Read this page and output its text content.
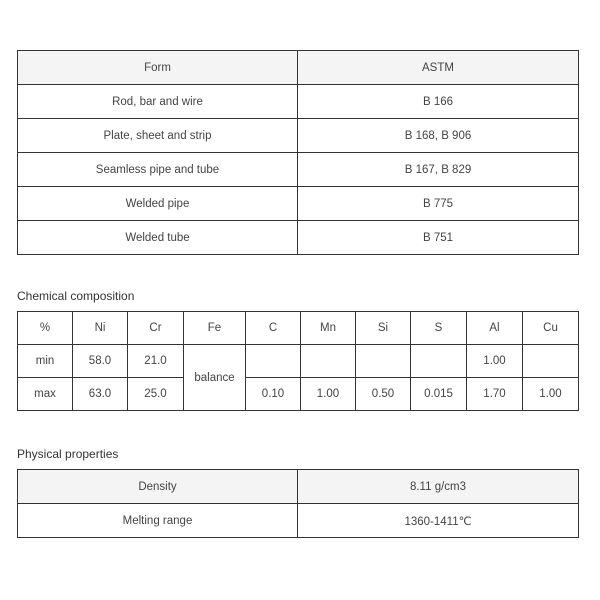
Form	ASTM
Rod, bar and wire	B 166
Plate, sheet and strip	B 168, B 906
Seamless pipe and tube	B 167, B 829
Welded pipe	B 775
Welded tube	B 751

Chemical composition

%	Ni	Cr	Fe	C	Mn	Si	S	Al	Cu
min	58.0	21.0	balance					1.00	
max	63.0	25.0		0.10	1.00	0.50	0.015	1.70	1.00

Physical properties

Density	8.11 g/cm3
Melting range	1360-1411℃
